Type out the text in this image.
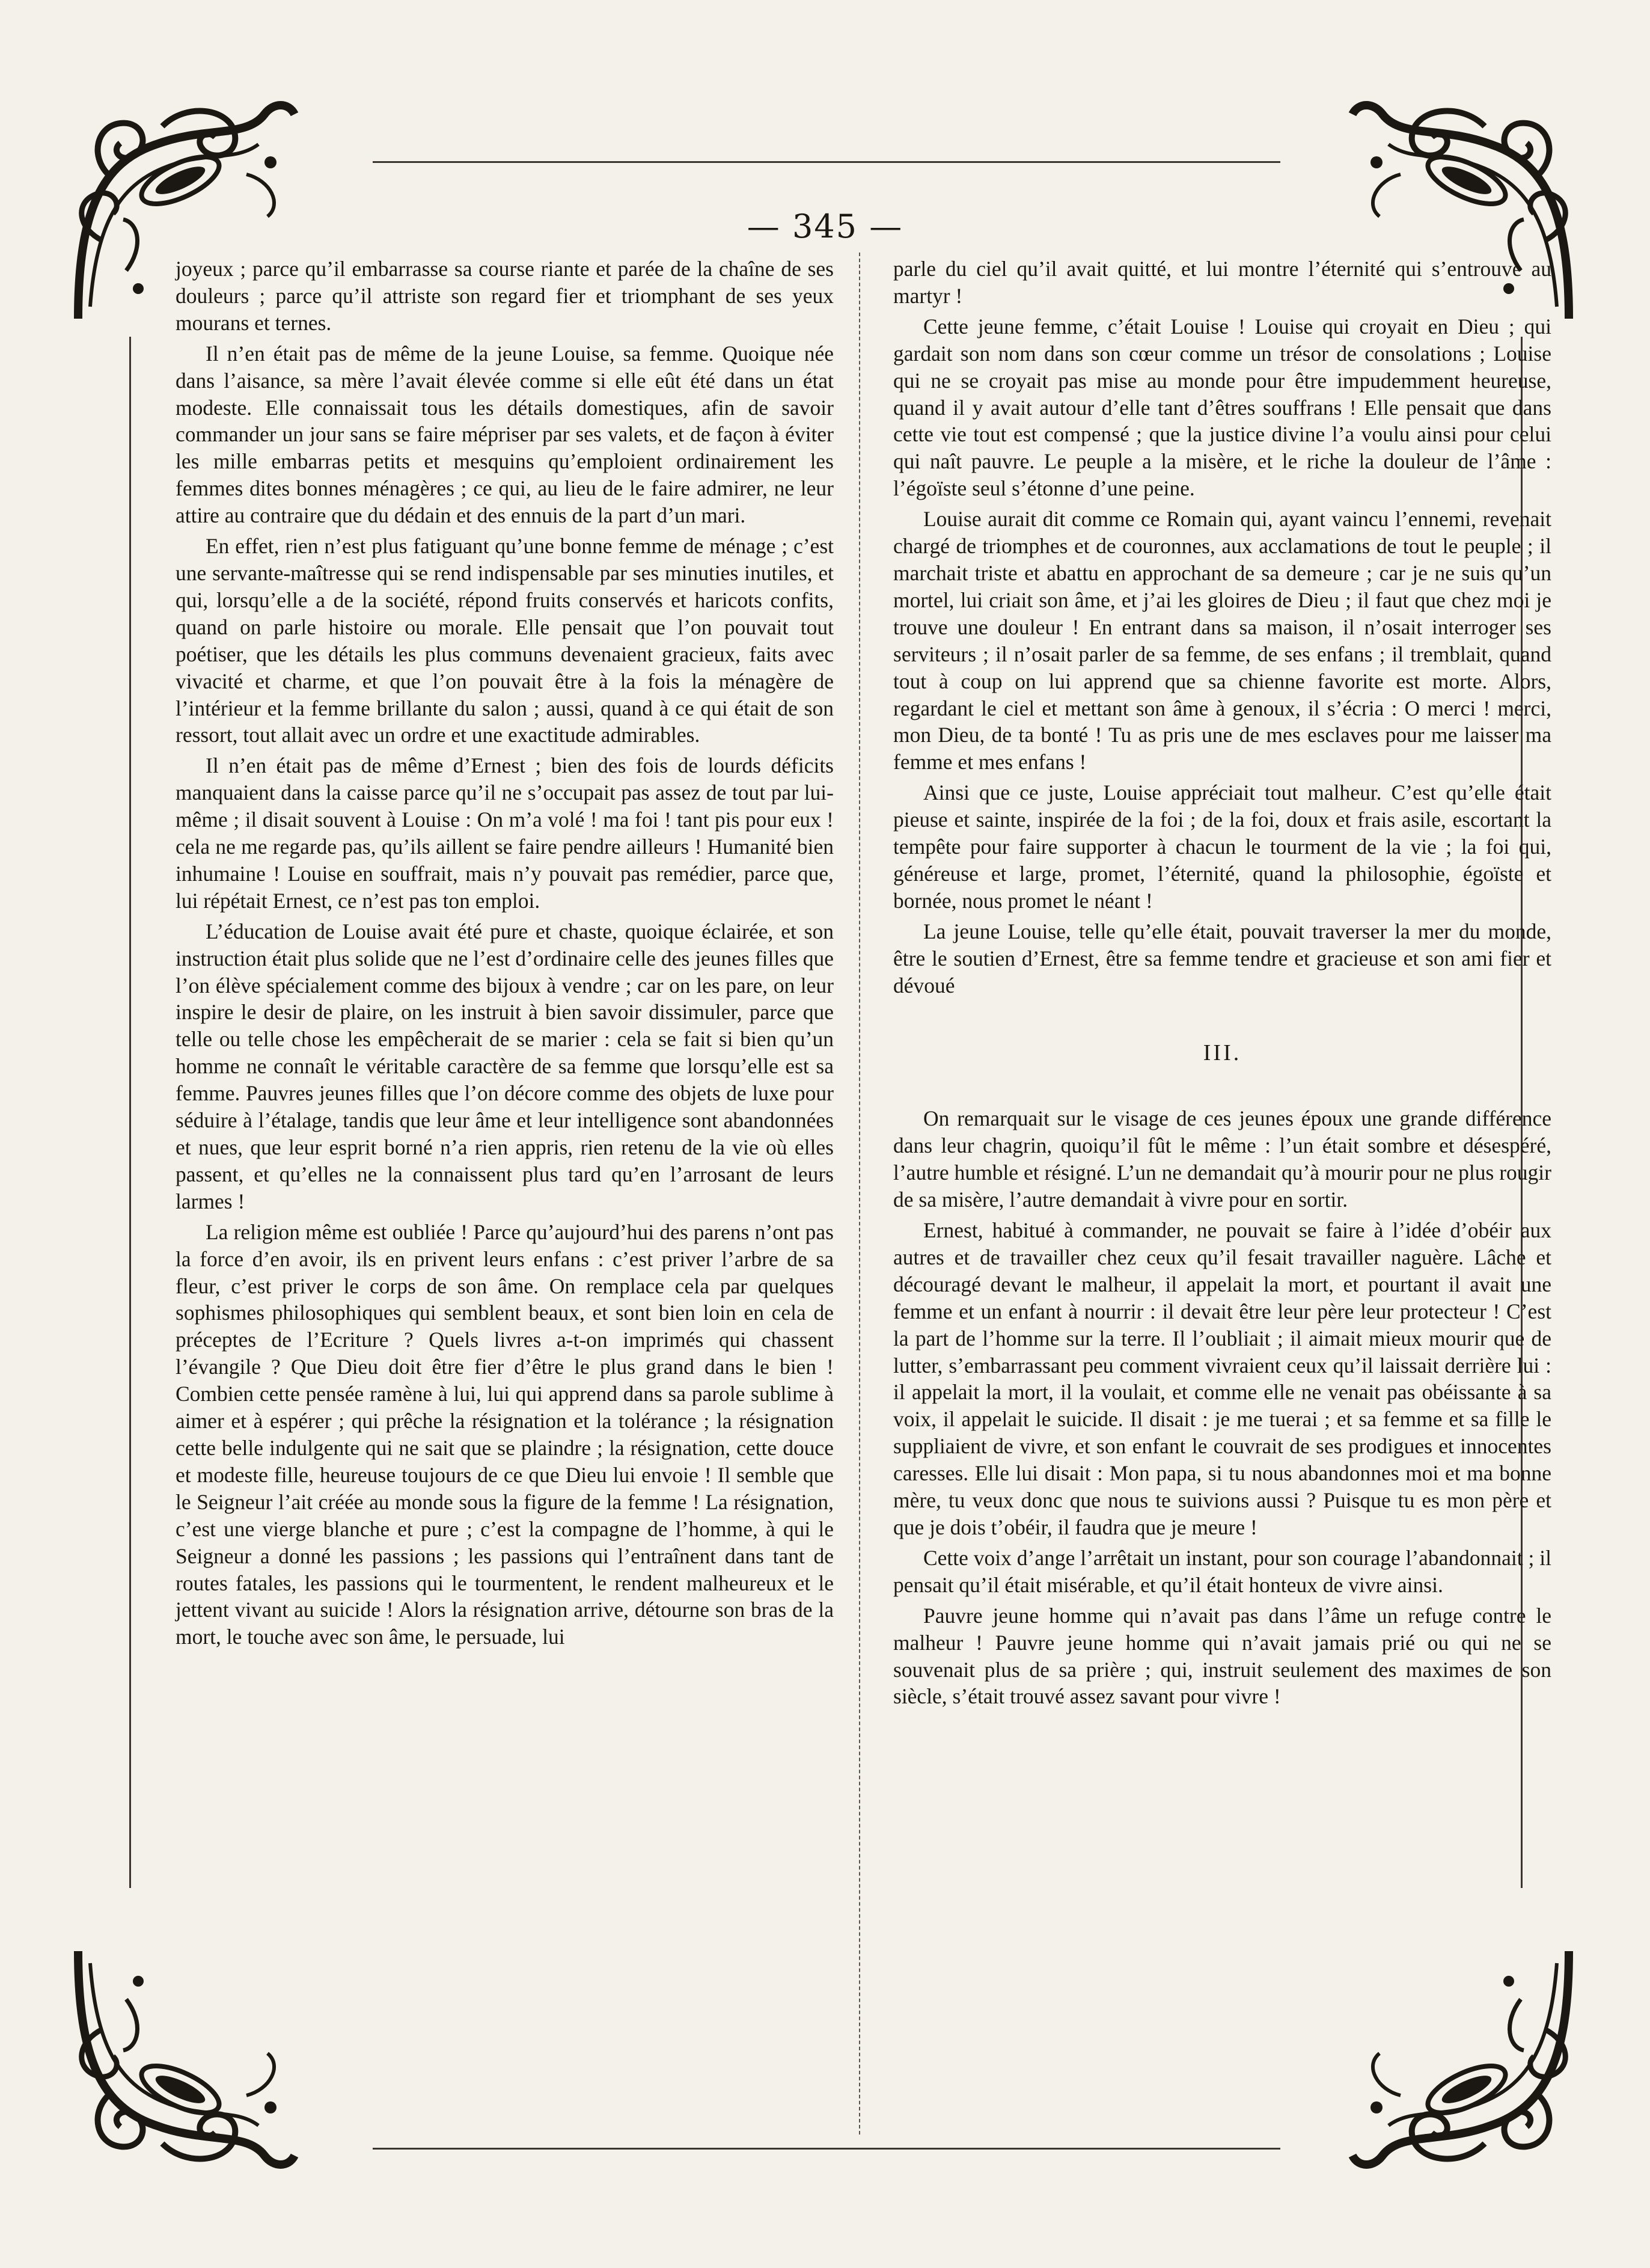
— 345 —

joyeux ; parce qu’il embarrasse sa course riante et parée de la chaîne de ses douleurs ; parce qu’il attriste son regard fier et triomphant de ses yeux mourans et ternes.

Il n’en était pas de même de la jeune Louise, sa femme. Quoique née dans l’aisance, sa mère l’avait élevée comme si elle eût été dans un état modeste. Elle connaissait tous les détails domestiques, afin de savoir commander un jour sans se faire mépriser par ses valets, et de façon à éviter les mille embarras petits et mesquins qu’emploient ordinairement les femmes dites bonnes ménagères ; ce qui, au lieu de le faire admirer, ne leur attire au contraire que du dédain et des ennuis de la part d’un mari.

En effet, rien n’est plus fatiguant qu’une bonne femme de ménage ; c’est une servante-maîtresse qui se rend indispensable par ses minuties inutiles, et qui, lorsqu’elle a de la société, répond fruits conservés et haricots confits, quand on parle histoire ou morale. Elle pensait que l’on pouvait tout poétiser, que les détails les plus communs devenaient gracieux, faits avec vivacité et charme, et que l’on pouvait être à la fois la ménagère de l’intérieur et la femme brillante du salon ; aussi, quand à ce qui était de son ressort, tout allait avec un ordre et une exactitude admirables.

Il n’en était pas de même d’Ernest ; bien des fois de lourds déficits manquaient dans la caisse parce qu’il ne s’occupait pas assez de tout par lui-même ; il disait souvent à Louise : On m’a volé ! ma foi ! tant pis pour eux ! cela ne me regarde pas, qu’ils aillent se faire pendre ailleurs ! Humanité bien inhumaine ! Louise en souffrait, mais n’y pouvait pas remédier, parce que, lui répétait Ernest, ce n’est pas ton emploi.

L’éducation de Louise avait été pure et chaste, quoique éclairée, et son instruction était plus solide que ne l’est d’ordinaire celle des jeunes filles que l’on élève spécialement comme des bijoux à vendre ; car on les pare, on leur inspire le desir de plaire, on les instruit à bien savoir dissimuler, parce que telle ou telle chose les empêcherait de se marier : cela se fait si bien qu’un homme ne connaît le véritable caractère de sa femme que lorsqu’elle est sa femme. Pauvres jeunes filles que l’on décore comme des objets de luxe pour séduire à l’étalage, tandis que leur âme et leur intelligence sont abandonnées et nues, que leur esprit borné n’a rien appris, rien retenu de la vie où elles passent, et qu’elles ne la connaissent plus tard qu’en l’arrosant de leurs larmes !

La religion même est oubliée ! Parce qu’aujourd’hui des parens n’ont pas la force d’en avoir, ils en privent leurs enfans : c’est priver l’arbre de sa fleur, c’est priver le corps de son âme. On remplace cela par quelques sophismes philosophiques qui semblent beaux, et sont bien loin en cela de préceptes de l’Ecriture ? Quels livres a-t-on imprimés qui chassent l’évangile ? Que Dieu doit être fier d’être le plus grand dans le bien ! Combien cette pensée ramène à lui, lui qui apprend dans sa parole sublime à aimer et à espérer ; qui prêche la résignation et la tolérance ; la résignation cette belle indulgente qui ne sait que se plaindre ; la résignation, cette douce et modeste fille, heureuse toujours de ce que Dieu lui envoie ! Il semble que le Seigneur l’ait créée au monde sous la figure de la femme ! La résignation, c’est une vierge blanche et pure ; c’est la compagne de l’homme, à qui le Seigneur a donné les passions ; les passions qui l’entraînent dans tant de routes fatales, les passions qui le tourmentent, le rendent malheureux et le jettent vivant au suicide ! Alors la résignation arrive, détourne son bras de la mort, le touche avec son âme, le persuade, lui

parle du ciel qu’il avait quitté, et lui montre l’éternité qui s’entrouve au martyr !

Cette jeune femme, c’était Louise ! Louise qui croyait en Dieu ; qui gardait son nom dans son cœur comme un trésor de consolations ; Louise qui ne se croyait pas mise au monde pour être impudemment heureuse, quand il y avait autour d’elle tant d’êtres souffrans ! Elle pensait que dans cette vie tout est compensé ; que la justice divine l’a voulu ainsi pour celui qui naît pauvre. Le peuple a la misère, et le riche la douleur de l’âme : l’égoïste seul s’étonne d’une peine.

Louise aurait dit comme ce Romain qui, ayant vaincu l’ennemi, revenait chargé de triomphes et de couronnes, aux acclamations de tout le peuple ; il marchait triste et abattu en approchant de sa demeure ; car je ne suis qu’un mortel, lui criait son âme, et j’ai les gloires de Dieu ; il faut que chez moi je trouve une douleur ! En entrant dans sa maison, il n’osait interroger ses serviteurs ; il n’osait parler de sa femme, de ses enfans ; il tremblait, quand tout à coup on lui apprend que sa chienne favorite est morte. Alors, regardant le ciel et mettant son âme à genoux, il s’écria : O merci ! merci, mon Dieu, de ta bonté ! Tu as pris une de mes esclaves pour me laisser ma femme et mes enfans !

Ainsi que ce juste, Louise appréciait tout malheur. C’est qu’elle était pieuse et sainte, inspirée de la foi ; de la foi, doux et frais asile, escortant la tempête pour faire supporter à chacun le tourment de la vie ; la foi qui, généreuse et large, promet, l’éternité, quand la philosophie, égoïste et bornée, nous promet le néant !

La jeune Louise, telle qu’elle était, pouvait traverser la mer du monde, être le soutien d’Ernest, être sa femme tendre et gracieuse et son ami fier et dévoué

III.

On remarquait sur le visage de ces jeunes époux une grande différence dans leur chagrin, quoiqu’il fût le même : l’un était sombre et désespéré, l’autre humble et résigné. L’un ne demandait qu’à mourir pour ne plus rougir de sa misère, l’autre demandait à vivre pour en sortir.

Ernest, habitué à commander, ne pouvait se faire à l’idée d’obéir aux autres et de travailler chez ceux qu’il fesait travailler naguère. Lâche et découragé devant le malheur, il appelait la mort, et pourtant il avait une femme et un enfant à nourrir : il devait être leur père leur protecteur ! C’est la part de l’homme sur la terre. Il l’oubliait ; il aimait mieux mourir que de lutter, s’embarrassant peu comment vivraient ceux qu’il laissait derrière lui : il appelait la mort, il la voulait, et comme elle ne venait pas obéissante à sa voix, il appelait le suicide. Il disait : je me tuerai ; et sa femme et sa fille le suppliaient de vivre, et son enfant le couvrait de ses prodigues et innocentes caresses. Elle lui disait : Mon papa, si tu nous abandonnes moi et ma bonne mère, tu veux donc que nous te suivions aussi ? Puisque tu es mon père et que je dois t’obéir, il faudra que je meure !

Cette voix d’ange l’arrêtait un instant, pour son courage l’abandonnait ; il pensait qu’il était misérable, et qu’il était honteux de vivre ainsi.

Pauvre jeune homme qui n’avait pas dans l’âme un refuge contre le malheur ! Pauvre jeune homme qui n’avait jamais prié ou qui ne se souvenait plus de sa prière ; qui, instruit seulement des maximes de son siècle, s’était trouvé assez savant pour vivre !
